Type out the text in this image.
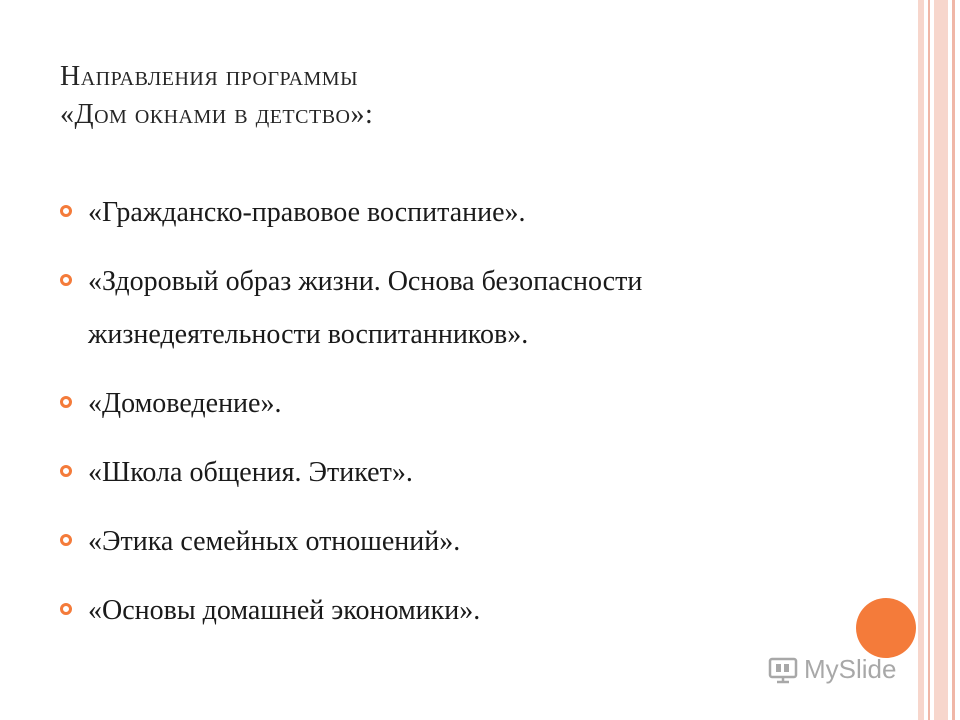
Направления программы
«Дом окнами в детство»:
«Гражданско-правовое воспитание».
«Здоровый образ жизни. Основа безопасности жизнедеятельности воспитанников».
«Домоведение».
«Школа общения. Этикет».
«Этика семейных отношений».
«Основы домашней экономики».
MySlide
